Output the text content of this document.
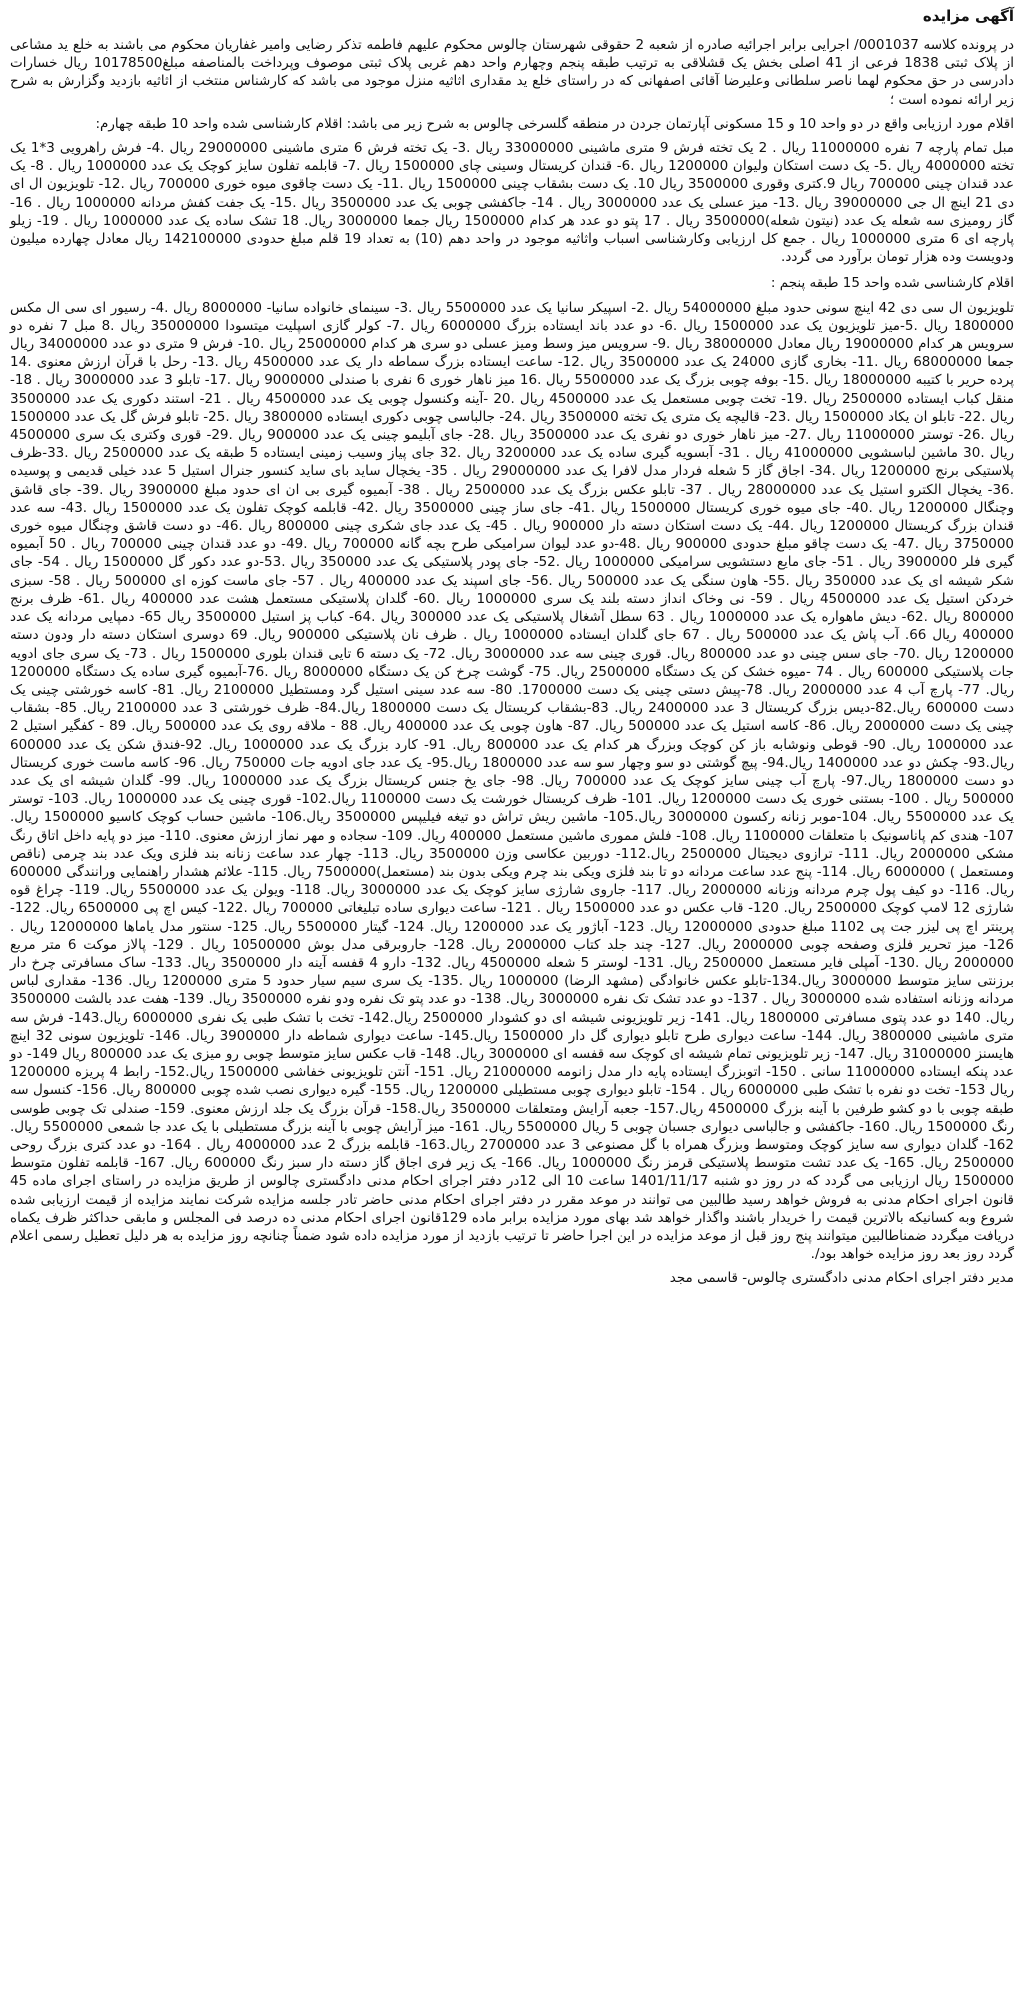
آگهی مزایده

در پرونده کلاسه 0001037/ اجرایی برابر اجرائیه صادره از شعبه 2 حقوقی شهرستان چالوس محکوم علیهم فاطمه تذکر رضایی وامیر غفاریان محکوم می باشند به خلع ید مشاعی از پلاک ثبتی 1838 فرعی از 41 اصلی بخش یک قشلاقی به ترتیب طبقه پنجم وچهارم واحد دهم غربی پلاک ثبتی موصوف وپرداخت بالمناصفه مبلغ10178500 ریال خسارات دادرسی در حق محکوم لهما ناصر سلطانی وعلیرضا آقائی اصفهانی که در راستای خلع ید مقداری اثاثیه منزل موجود می باشد که کارشناس منتخب از اثاثیه بازدید وگزارش به شرح زیر ارائه نموده است ؛

اقلام مورد ارزیابی واقع در دو واحد 10 و 15 مسکونی آپارتمان جردن در منطقه گلسرخی چالوس به شرح زیر می باشد: اقلام کارشناسی شده واحد 10 طبقه چهارم:

مبل تمام پارچه 7 نفره 11000000 ریال . 2 یک تخته فرش 9 متری ماشینی 33000000 ریال .3- یک تخته فرش 6 متری ماشینی 29000000 ریال .4- فرش راهرویی 3*1 یک تخته 4000000 ریال .5- یک دست استکان ولیوان 1200000 ریال .6- قندان کریستال وسینی چای 1500000 ریال .7- قابلمه تفلون سایز کوچک یک عدد 1000000 ریال . 8- یک عدد قندان چینی 700000 ریال 9.کتری وقوری 3500000 ریال 10. یک دست بشقاب چینی 1500000 ریال .11- یک دست چاقوی میوه خوری 700000 ریال .12- تلویزیون ال ای دی 21 اینچ ال جی 39000000 ریال .13- میز عسلی یک عدد 3000000 ریال . 14- جاکفشی چوبی یک عدد 3500000 ریال .15- یک جفت کفش مردانه 1000000 ریال . 16- گاز رومیزی سه شعله یک عدد (نیتون شعله)3500000 ریال . 17 پتو دو عدد هر کدام 1500000 ریال جمعا 3000000 ریال. 18 تشک ساده یک عدد 1000000 ریال . 19- زیلو پارچه ای 6 متری 1000000 ریال . جمع کل ارزیابی وکارشناسی اسباب واثاثیه موجود در واحد دهم (10) به تعداد 19 قلم مبلغ حدودی 142100000 ریال معادل چهارده میلیون ودویست وده هزار تومان برآورد می گردد.

اقلام کارشناسی شده واحد 15 طبقه پنجم :

تلویزیون ال سی دی 42 اینچ سونی حدود مبلغ 54000000 ریال .2- اسپیکر سانیا یک عدد 5500000 ریال .3- سینمای خانواده سانیا- 8000000 ریال .4- رسیور ای سی ال مکس 1800000 ریال .5-میز تلویزیون یک عدد 1500000 ریال .6- دو عدد باند ایستاده بزرگ 6000000 ریال .7- کولر گازی اسپلیت میتسودا 35000000 ریال .8 مبل 7 نفره دو سرویس هر کدام 19000000 ریال معادل 38000000 ریال .9- سرویس میز وسط ومیز عسلی دو سری هر کدام 25000000 ریال .10- فرش 9 متری دو عدد 34000000 ریال جمعا 68000000 ریال .11- بخاری گازی 24000 یک عدد 3500000 ریال .12- ساعت ایستاده بزرگ سماطه دار یک عدد 4500000 ریال .13- رحل با قرآن ارزش معنوی .14 پرده حریر با کتیبه 18000000 ریال .15- بوفه چوبی بزرگ یک عدد 5500000 ریال .16 میز ناهار خوری 6 نفری با صندلی 9000000 ریال .17- تابلو 3 عدد 3000000 ریال . 18- منقل کباب ایستاده 2500000 ریال .19- تخت چوبی مستعمل یک عدد 4500000 ریال .20 -آینه وکنسول چوبی یک عدد 4500000 ریال . 21- استند دکوری یک عدد 3500000 ریال .22- تابلو ان یکاد 1500000 ریال .23- قالیچه یک متری یک تخته 3500000 ریال .24- جالباسی چوبی دکوری ایستاده 3800000 ریال .25- تابلو فرش گل یک عدد 1500000 ریال .26- توستر 11000000 ریال .27- میز ناهار خوری دو نفری یک عدد 3500000 ریال .28- جای آبلیمو چینی یک عدد 900000 ریال .29- قوری وکتری یک سری 4500000 ریال .30 ماشین لباسشویی 41000000 ریال . 31- آبسویه گیری ساده یک عدد 3200000 ریال .32 جای پیاز وسیب زمینی ایستاده 5 طبقه یک عدد 2500000 ریال .33-ظرف پلاستیکی برنج 1200000 ریال .34- اجاق گاز 5 شعله فردار مدل لافرا یک عدد 29000000 ریال . 35- یخچال ساید بای ساید کنسور جنرال استیل 5 عدد خیلی قدیمی و پوسیده .36- یخچال الکترو استیل یک عدد 28000000 ریال . 37- تابلو عکس بزرگ یک عدد 2500000 ریال . 38- آبمیوه گیری بی ان ای حدود مبلغ 3900000 ریال .39- جای قاشق وچنگال 1200000 ریال .40- جای میوه خوری کریستال 1500000 ریال .41- جای ساز چینی 3500000 ریال .42- قابلمه کوچک تفلون یک عدد 1500000 ریال .43- سه عدد قندان بزرگ کریستال 1200000 ریال .44- یک دست استکان دسته دار 900000 ریال . 45- یک عدد جای شکری چینی 800000 ریال .46- دو دست قاشق وچنگال میوه خوری 3750000 ریال .47- یک دست چاقو مبلغ حدودی 900000 ریال .48-دو عدد لیوان سرامیکی طرح بچه گانه 700000 ریال .49- دو عدد قندان چینی 700000 ریال . 50 آبمیوه گیری فلر 3900000 ریال . 51- جای مایع دستشویی سرامیکی 1000000 ریال .52- جای پودر پلاستیکی یک عدد 350000 ریال .53-دو عدد دکور گل 1500000 ریال . 54- جای شکر شیشه ای یک عدد 350000 ریال .55- هاون سنگی یک عدد 500000 ریال .56- جای اسپند یک عدد 400000 ریال . 57- جای ماست کوزه ای 500000 ریال . 58- سبزی خردکن استیل یک عدد 4500000 ریال . 59- نی وخاک انداز دسته بلند یک سری 1000000 ریال .60- گلدان پلاستیکی مستعمل هشت عدد 400000 ریال .61- ظرف برنج 800000 ریال .62- دیش ماهواره یک عدد 1000000 ریال . 63 سطل آشغال پلاستیکی یک عدد 300000 ریال .64- کباب پز استیل 3500000 ریال 65- دمپایی مردانه یک عدد 400000 ریال 66. آب پاش یک عدد 500000 ریال . 67 جای گلدان ایستاده 1000000 ریال . ظرف نان پلاستیکی 900000 ریال. 69 دوسری استکان دسته دار ودون دسته 1200000 ریال .70- جای سس چینی دو عدد 800000 ریال. قوری چینی سه عدد 3000000 ریال. 72- یک دسته 6 تایی قندان بلوری 1500000 ریال . 73- یک سری جای ادویه جات پلاستیکی 600000 ریال . 74 -میوه خشک کن یک دستگاه 2500000 ریال. 75- گوشت چرخ کن یک دستگاه 8000000 ریال .76-آبمیوه گیری ساده یک دستگاه 1200000 ریال. 77- پارچ آب 4 عدد 2000000 ریال. 78-پیش دستی چینی یک دست 1700000. 80- سه عدد سینی استیل گرد ومستطیل 2100000 ریال. 81- کاسه خورشتی چینی یک دست 600000 ریال.82-دیس بزرگ کریستال 3 عدد 2400000 ریال. 83-بشقاب کریستال یک دست 1800000 ریال.84- ظرف خورشتی 3 عدد 2100000 ریال. 85- بشقاب چینی یک دست 2000000 ریال. 86- کاسه استیل یک عدد 500000 ریال. 87- هاون چوبی یک عدد 400000 ریال. 88 - ملاقه روی یک عدد 500000 ریال. 89 - کفگیر استیل 2 عدد 1000000 ریال. 90- قوطی ونوشابه باز کن کوچک وبزرگ هر کدام یک عدد 800000 ریال. 91- کارد بزرگ یک عدد 1000000 ریال. 92-فندق شکن یک عدد 600000 ریال.93- چکش دو عدد 1400000 ریال.94- پیچ گوشتی دو سو وچهار سو سه عدد 1800000 ریال.95- یک عدد جای ادویه جات 750000 ریال. 96- کاسه ماست خوری کریستال دو دست 1800000 ریال.97- پارچ آب چینی سایز کوچک یک عدد 700000 ریال. 98- جای یخ جنس کریستال بزرگ یک عدد 1000000 ریال. 99- گلدان شیشه ای یک عدد 500000 ریال . 100- بستنی خوری یک دست 1200000 ریال. 101- ظرف کریستال خورشت یک دست 1100000 ریال.102- قوری چینی یک عدد 1000000 ریال. 103- توستر یک عدد 5500000 ریال. 104-موبر زنانه رکسون 3000000 ریال.105- ماشین ریش تراش دو تیغه فیلیپس 3500000 ریال.106- ماشین حساب کوچک کاسیو 1500000 ریال. 107- هندی کم پاناسونیک با متعلقات 1100000 ریال. 108- فلش مموری ماشین مستعمل 400000 ریال. 109- سجاده و مهر نماز ارزش معنوی. 110- میز دو پایه داخل اتاق رنگ مشکی 2000000 ریال. 111- ترازوی دیجیتال 2500000 ریال.112- دوربین عکاسی وزن 3500000 ریال. 113- چهار عدد ساعت زنانه بند فلزی ویک عدد بند چرمی (ناقص ومستعمل ) 6000000 ریال. 114- پنج عدد ساعت مردانه دو تا بند فلزی ویکی بند چرم ویکی بدون بند (مستعمل)7500000 ریال. 115- علائم هشدار راهنمایی ورانندگی 600000 ریال. 116- دو کیف پول چرم مردانه وزنانه 2000000 ریال. 117- جاروی شارژی سایز کوچک یک عدد 3000000 ریال. 118- ویولن یک عدد 5500000 ریال. 119- چراغ قوه شارژی 12 لامپ کوچک 2500000 ریال. 120- قاب عکس دو عدد 1500000 ریال . 121- ساعت دیواری ساده تبلیغاتی 700000 ریال .122- کیس اچ پی 6500000 ریال. 122- پرینتر اچ پی لیزر جت پی 1102 مبلغ حدودی 12000000 ریال. 123- آباژور یک عدد 1200000 ریال. 124- گیتار 5500000 ریال. 125- سنتور مدل یاماها 12000000 ریال . 126- میز تحریر فلزی وصفحه چوبی 2000000 ریال. 127- چند جلد کتاب 2000000 ریال. 128- جاروبرقی مدل بوش 10500000 ریال . 129- پالاز موکت 6 متر مربع 2000000 ریال .130- آمپلی فایر مستعمل 2500000 ریال. 131- لوستر 5 شعله 4500000 ریال. 132- دارو 4 قفسه آینه دار 3500000 ریال. 133- ساک مسافرتی چرخ دار برزنتی سایز متوسط 3000000 ریال.134-تابلو عکس خانوادگی (مشهد الرضا) 1000000 ریال .135- یک سری سیم سیار حدود 5 متری 1200000 ریال. 136- مقداری لباس مردانه وزنانه استفاده شده 3000000 ریال . 137- دو عدد تشک تک نفره 3000000 ریال. 138- دو عدد پتو تک نفره ودو نفره 3500000 ریال. 139- هفت عدد بالشت 3500000 ریال. 140 دو عدد پتوی مسافرتی 1800000 ریال. 141- زیر تلویزیونی شیشه ای دو کشودار 2500000 ریال.142- تخت با تشک طبی یک نفری 6000000 ریال.143- فرش سه متری ماشینی 3800000 ریال. 144- ساعت دیواری طرح تابلو دیواری گل دار 1500000 ریال.145- ساعت دیواری شماطه دار 3900000 ریال. 146- تلویزیون سونی 32 اینچ هایسنز 31000000 ریال. 147- زیر تلویزیونی تمام شیشه ای کوچک سه قفسه ای 3000000 ریال. 148- قاب عکس سایز متوسط چوبی رو میزی یک عدد 800000 ریال 149- دو عدد پنکه ایستاده 11000000 سانی . 150- اتوبزرگ ایستاده پایه دار مدل زانومه 21000000 ریال. 151- آنتن تلویزیونی خفاشی 1500000 ریال.152- رابط 4 پریزه 1200000 ریال 153- تخت دو نفره با تشک طبی 6000000 ریال . 154- تابلو دیواری چوبی مستطیلی 1200000 ریال. 155- گیره دیواری نصب شده چوبی 800000 ریال. 156- کنسول سه طبقه چوبی با دو کشو طرفین با آینه بزرگ 4500000 ریال.157- جعبه آرایش ومتعلقات 3500000 ریال.158- قرآن بزرگ یک جلد ارزش معنوی. 159- صندلی تک چوبی طوسی رنگ 1500000 ریال. 160- جاکفشی و جالباسی دیواری جسبان چوبی 5 ریال 5500000 ریال. 161- میز آرایش چوبی با آینه بزرگ مستطیلی با یک عدد جا شمعی 5500000 ریال. 162- گلدان دیواری سه سایز کوچک ومتوسط وبزرگ همراه با گل مصنوعی 3 عدد 2700000 ریال.163- قابلمه بزرگ 2 عدد 4000000 ریال . 164- دو عدد کتری بزرگ روحی 2500000 ریال. 165- یک عدد تشت متوسط پلاستیکی قرمز رنگ 1000000 ریال. 166- یک زیر فری اجاق گاز دسته دار سبز رنگ 600000 ریال. 167- قابلمه تفلون متوسط 1500000 ریال ارزیابی می گردد که در روز دو شنبه 1401/11/17 ساعت 10 الی 12در دفتر اجرای احکام مدنی دادگستری چالوس از طریق مزایده در راستای اجرای ماده 45 قانون اجرای احکام مدنی به فروش خواهد رسید طالبین می توانند در موعد مقرر در دفتر اجرای احکام مدنی حاضر تادر جلسه مزایده شرکت نمایند مزایده از قیمت ارزیابی شده شروع وبه کسانیکه بالاترین قیمت را خریدار باشند واگذار خواهد شد بهای مورد مزایده برابر ماده 129قانون اجرای احکام مدنی ده درصد فی المجلس و مابقی حداکثر ظرف یکماه دریافت میگردد ضمناطالبین میتوانند پنج روز قبل از موعد مزایده در این اجرا حاضر تا ترتیب بازدید از مورد مزایده داده شود ضمناً چنانچه روز مزایده به هر دلیل تعطیل رسمی اعلام گردد روز بعد روز مزایده خواهد بود/.

مدیر دفتر اجرای احکام مدنی دادگستری چالوس- قاسمی مجد
